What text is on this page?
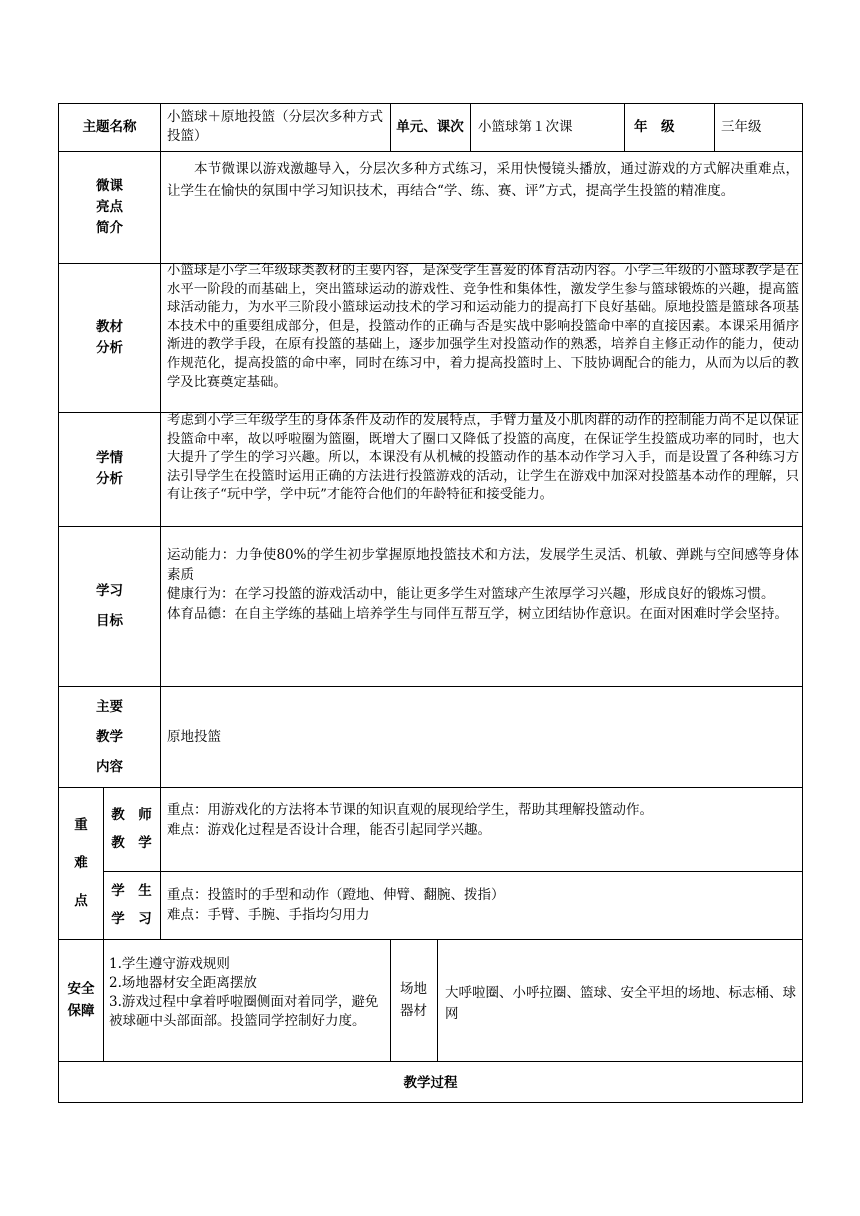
主题名称
小篮球＋原地投篮（分层次多种方式投篮）
单元、课次 小篮球第１次课	年　级	三年级
微课
亮点
简介
本节微课以游戏激趣导入，分层次多种方式练习，采用快慢镜头播放，通过游戏的方式解决重难点，让学生在愉快的氛围中学习知识技术，再结合“学、练、赛、评”方式，提高学生投篮的精准度。
教材
分析
小篮球是小学三年级球类教材的主要内容，是深受学生喜爱的体育活动内容。小学三年级的小篮球教学是在水平一阶段的而基础上，突出篮球运动的游戏性、竞争性和集体性，激发学生参与篮球锻炼的兴趣，提高篮球活动能力，为水平三阶段小篮球运动技术的学习和运动能力的提高打下良好基础。原地投篮是篮球各项基本技术中的重要组成部分，但是，投篮动作的正确与否是实战中影响投篮命中率的直接因素。本课采用循序渐进的教学手段，在原有投篮的基础上，逐步加强学生对投篮动作的熟悉，培养自主修正动作的能力，使动作规范化，提高投篮的命中率，同时在练习中，着力提高投篮时上、下肢协调配合的能力，从而为以后的教学及比赛奠定基础。
学情
分析
考虑到小学三年级学生的身体条件及动作的发展特点，手臂力量及小肌肉群的动作的控制能力尚不足以保证投篮命中率，故以呼啦圈为篮圈，既增大了圈口又降低了投篮的高度，在保证学生投篮成功率的同时，也大大提升了学生的学习兴趣。所以，本课没有从机械的投篮动作的基本动作学习入手，而是设置了各种练习方法引导学生在投篮时运用正确的方法进行投篮游戏的活动，让学生在游戏中加深对投篮基本动作的理解，只有让孩子“玩中学，学中玩”才能符合他们的年龄特征和接受能力。
学习
目标
运动能力：力争使80%的学生初步掌握原地投篮技术和方法，发展学生灵活、机敏、弹跳与空间感等身体素质
健康行为：在学习投篮的游戏活动中，能让更多学生对篮球产生浓厚学习兴趣，形成良好的锻炼习惯。
体育品德：在自主学练的基础上培养学生与同伴互帮互学，树立团结协作意识。在面对困难时学会坚持。
主要
教学
内容
原地投篮
重
难
点
教　师
教　学
重点：用游戏化的方法将本节课的知识直观的展现给学生，帮助其理解投篮动作。
难点：游戏化过程是否设计合理，能否引起同学兴趣。
学　生
学　习
重点：投篮时的手型和动作（蹬地、伸臂、翻腕、拨指）
难点：手臂、手腕、手指均匀用力
安全
保障
1.学生遵守游戏规则
2.场地器材安全距离摆放
3.游戏过程中拿着呼啦圈侧面对着同学，避免被球砸中头部面部。投篮同学控制好力度。
场地
器材
大呼啦圈、小呼拉圈、篮球、安全平坦的场地、标志桶、球网
教学过程
